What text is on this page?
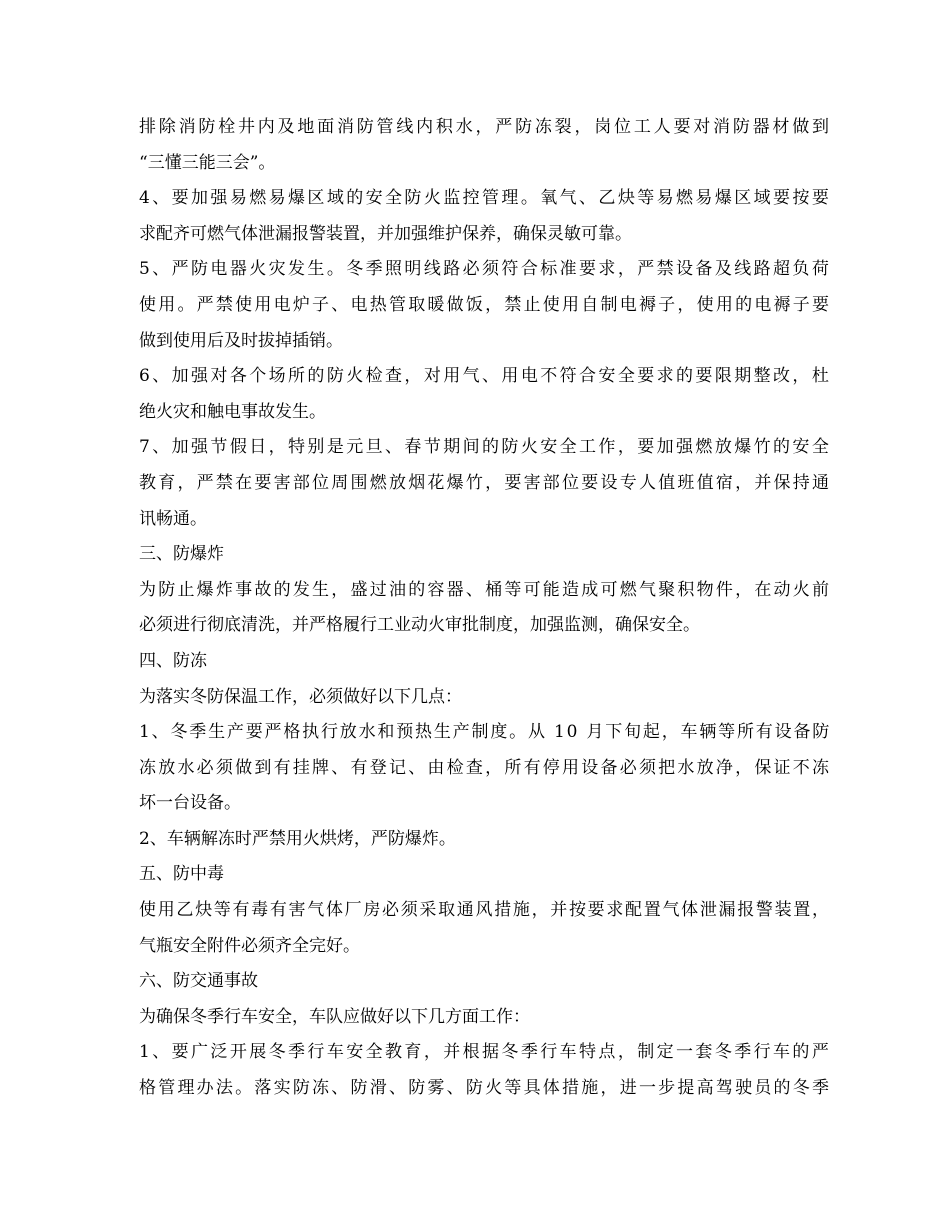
排除消防栓井内及地面消防管线内积水，严防冻裂，岗位工人要对消防器材做到
“三懂三能三会”。
4、要加强易燃易爆区域的安全防火监控管理。氧气、乙炔等易燃易爆区域要按要
求配齐可燃气体泄漏报警装置，并加强维护保养，确保灵敏可靠。
5、严防电器火灾发生。冬季照明线路必须符合标准要求，严禁设备及线路超负荷
使用。严禁使用电炉子、电热管取暖做饭，禁止使用自制电褥子，使用的电褥子要
做到使用后及时拔掉插销。
6、加强对各个场所的防火检查，对用气、用电不符合安全要求的要限期整改，杜
绝火灾和触电事故发生。
7、加强节假日，特别是元旦、春节期间的防火安全工作，要加强燃放爆竹的安全
教育，严禁在要害部位周围燃放烟花爆竹，要害部位要设专人值班值宿，并保持通
讯畅通。
三、防爆炸
为防止爆炸事故的发生，盛过油的容器、桶等可能造成可燃气聚积物件，在动火前
必须进行彻底清洗，并严格履行工业动火审批制度，加强监测，确保安全。
四、防冻
为落实冬防保温工作，必须做好以下几点：
1、冬季生产要严格执行放水和预热生产制度。从 10 月下旬起，车辆等所有设备防
冻放水必须做到有挂牌、有登记、由检查，所有停用设备必须把水放净，保证不冻
坏一台设备。
2、车辆解冻时严禁用火烘烤，严防爆炸。
五、防中毒
使用乙炔等有毒有害气体厂房必须采取通风措施，并按要求配置气体泄漏报警装置，
气瓶安全附件必须齐全完好。
六、防交通事故
为确保冬季行车安全，车队应做好以下几方面工作：
1、要广泛开展冬季行车安全教育，并根据冬季行车特点，制定一套冬季行车的严
格管理办法。落实防冻、防滑、防雾、防火等具体措施，进一步提高驾驶员的冬季
